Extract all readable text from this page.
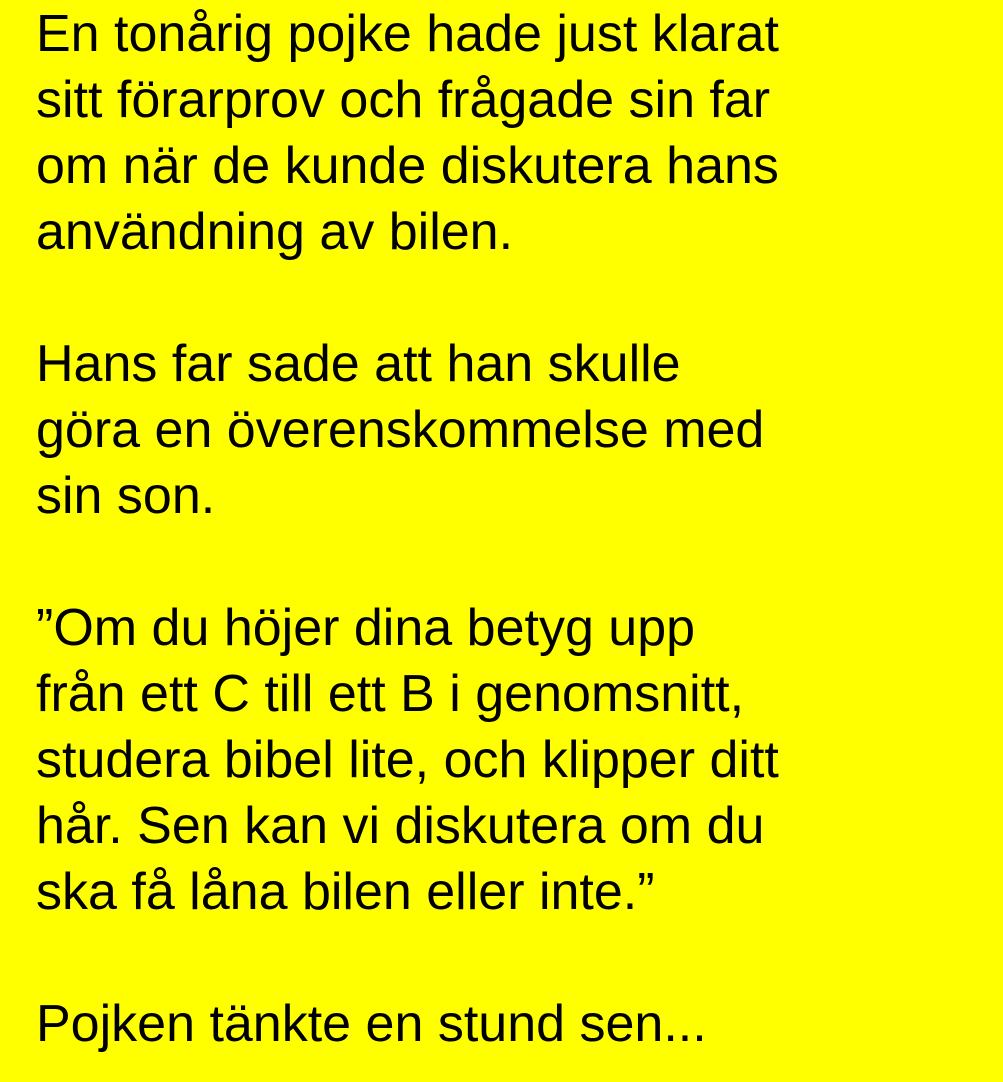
En tonårig pojke hade just klarat
sitt förarprov och frågade sin far
om när de kunde diskutera hans
användning av bilen.
Hans far sade att han skulle
göra en överenskommelse med
sin son.
”Om du höjer dina betyg upp
från ett C till ett B i genomsnitt,
studera bibel lite, och klipper ditt
hår. Sen kan vi diskutera om du
ska få låna bilen eller inte.”
Pojken tänkte en stund sen...
